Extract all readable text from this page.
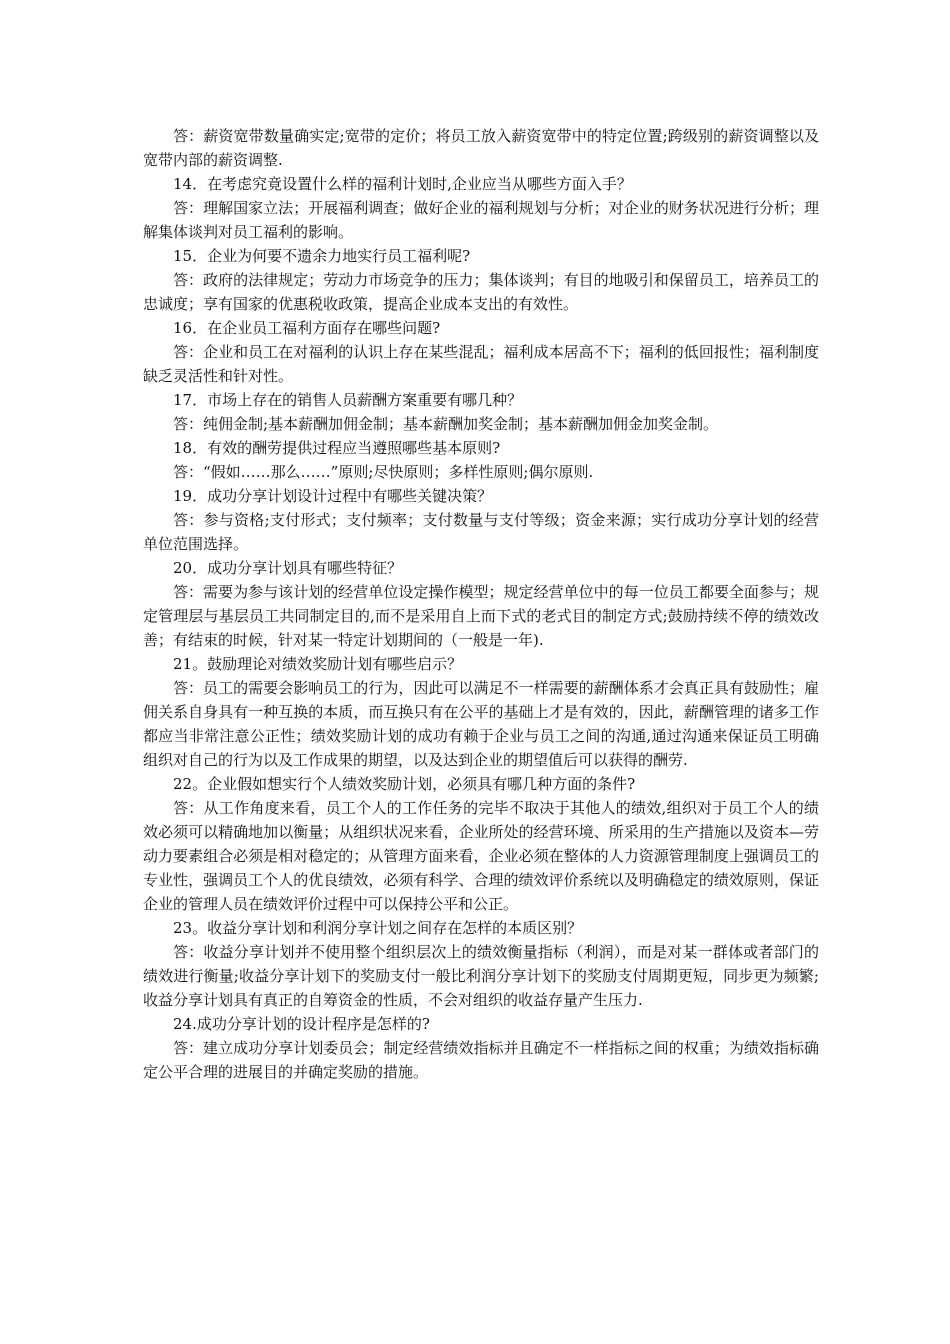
答：薪资宽带数量确实定;宽带的定价；将员工放入薪资宽带中的特定位置;跨级别的薪资调整以及宽带内部的薪资调整.

14．在考虑究竟设置什么样的福利计划时,企业应当从哪些方面入手？

答：理解国家立法；开展福利调查；做好企业的福利规划与分析；对企业的财务状况进行分析；理解集体谈判对员工福利的影响。

15．企业为何要不遗余力地实行员工福利呢?

答：政府的法律规定；劳动力市场竞争的压力；集体谈判；有目的地吸引和保留员工，培养员工的忠诚度；享有国家的优惠税收政策，提高企业成本支出的有效性。

16．在企业员工福利方面存在哪些问题?

答：企业和员工在对福利的认识上存在某些混乱；福利成本居高不下；福利的低回报性；福利制度缺乏灵活性和针对性。

17．市场上存在的销售人员薪酬方案重要有哪几种？

答：纯佣金制;基本薪酬加佣金制；基本薪酬加奖金制；基本薪酬加佣金加奖金制。

18．有效的酬劳提供过程应当遵照哪些基本原则?

答：“假如……那么……”原则;尽快原则；多样性原则;偶尔原则.

19．成功分享计划设计过程中有哪些关键决策？

答：参与资格;支付形式；支付频率；支付数量与支付等级；资金来源；实行成功分享计划的经营单位范围选择。

20．成功分享计划具有哪些特征？

答：需要为参与该计划的经营单位设定操作模型；规定经营单位中的每一位员工都要全面参与；规定管理层与基层员工共同制定目的,而不是采用自上而下式的老式目的制定方式;鼓励持续不停的绩效改善；有结束的时候，针对某一特定计划期间的（一般是一年).

21。鼓励理论对绩效奖励计划有哪些启示？

答：员工的需要会影响员工的行为，因此可以满足不一样需要的薪酬体系才会真正具有鼓励性；雇佣关系自身具有一种互换的本质，而互换只有在公平的基础上才是有效的，因此，薪酬管理的诸多工作都应当非常注意公正性；绩效奖励计划的成功有赖于企业与员工之间的沟通,通过沟通来保证员工明确组织对自己的行为以及工作成果的期望，以及达到企业的期望值后可以获得的酬劳.

22。企业假如想实行个人绩效奖励计划，必须具有哪几种方面的条件?

答：从工作角度来看，员工个人的工作任务的完毕不取决于其他人的绩效,组织对于员工个人的绩效必须可以精确地加以衡量；从组织状况来看，企业所处的经营环境、所采用的生产措施以及资本—劳动力要素组合必须是相对稳定的；从管理方面来看，企业必须在整体的人力资源管理制度上强调员工的专业性，强调员工个人的优良绩效，必须有科学、合理的绩效评价系统以及明确稳定的绩效原则，保证企业的管理人员在绩效评价过程中可以保持公平和公正。

23。收益分享计划和利润分享计划之间存在怎样的本质区别？

答：收益分享计划并不使用整个组织层次上的绩效衡量指标（利润），而是对某一群体或者部门的绩效进行衡量;收益分享计划下的奖励支付一般比利润分享计划下的奖励支付周期更短，同步更为频繁;收益分享计划具有真正的自筹资金的性质，不会对组织的收益存量产生压力.

24.成功分享计划的设计程序是怎样的?

答：建立成功分享计划委员会；制定经营绩效指标并且确定不一样指标之间的权重；为绩效指标确定公平合理的进展目的并确定奖励的措施。
